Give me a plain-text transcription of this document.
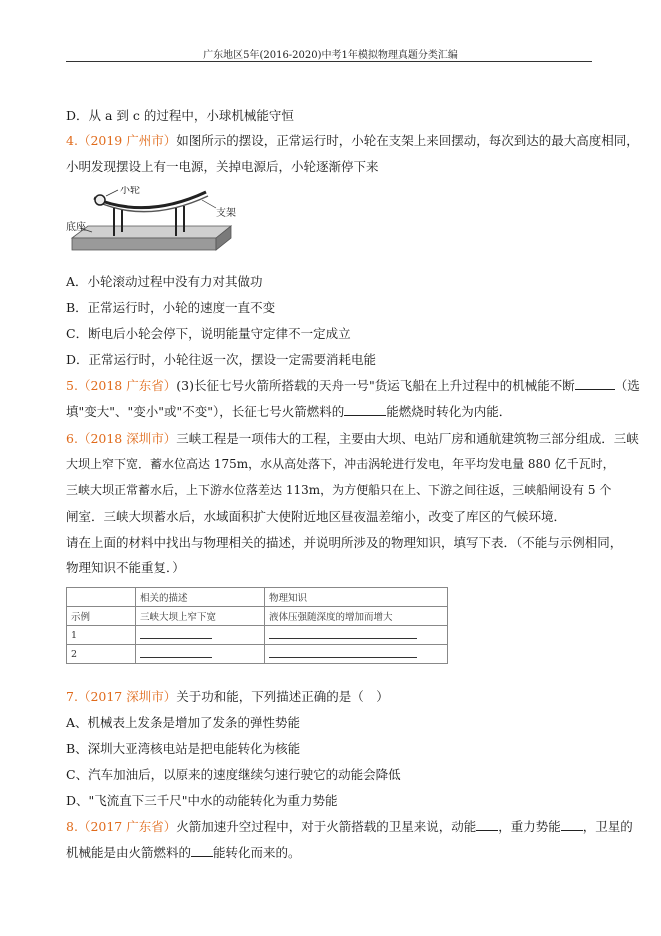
广东地区5年(2016-2020)中考1年模拟物理真题分类汇编
D．从 a 到 c 的过程中，小球机械能守恒
4.（2019 广州市）如图所示的摆设，正常运行时，小轮在支架上来回摆动，每次到达的最大高度相同，
小明发现摆设上有一电源，关掉电源后，小轮逐渐停下来
小轮
支架
底座
A．小轮滚动过程中没有力对其做功
B．正常运行时，小轮的速度一直不变
C．断电后小轮会停下，说明能量守定律不一定成立
D．正常运行时，小轮往返一次，摆设一定需要消耗电能
5.（2018 广东省）(3)长征七号火箭所搭载的天舟一号"货运飞船在上升过程中的机械能不断	（选
填"变大"、"变小"或"不变"），长征七号火箭燃料的	能燃烧时转化为内能．
6.（2018 深圳市）三峡工程是一项伟大的工程，主要由大坝、电站厂房和通航建筑物三部分组成．三峡
大坝上窄下宽．蓄水位高达 175m，水从高处落下，冲击涡轮进行发电，年平均发电量 880 亿千瓦时，
三峡大坝正常蓄水后，上下游水位落差达 113m，为方便船只在上、下游之间往返，三峡船闸设有 5 个
闸室．三峡大坝蓄水后，水域面积扩大使附近地区昼夜温差缩小，改变了库区的气候环境．
请在上面的材料中找出与物理相关的描述，并说明所涉及的物理知识，填写下表．（不能与示例相同，
物理知识不能重复．）
	相关的描述	物理知识
示例	三峡大坝上窄下宽	液体压强随深度的增加而增大
1		
2		
7.（2017 深圳市）关于功和能，下列描述正确的是（　）
A、机械表上发条是增加了发条的弹性势能
B、深圳大亚湾核电站是把电能转化为核能
C、汽车加油后，以原来的速度继续匀速行驶它的动能会降低
D、"飞流直下三千尺"中水的动能转化为重力势能
8.（2017 广东省）火箭加速升空过程中，对于火箭搭载的卫星来说，动能 ，重力势能 ，卫星的
机械能是由火箭燃料的 能转化而来的。
